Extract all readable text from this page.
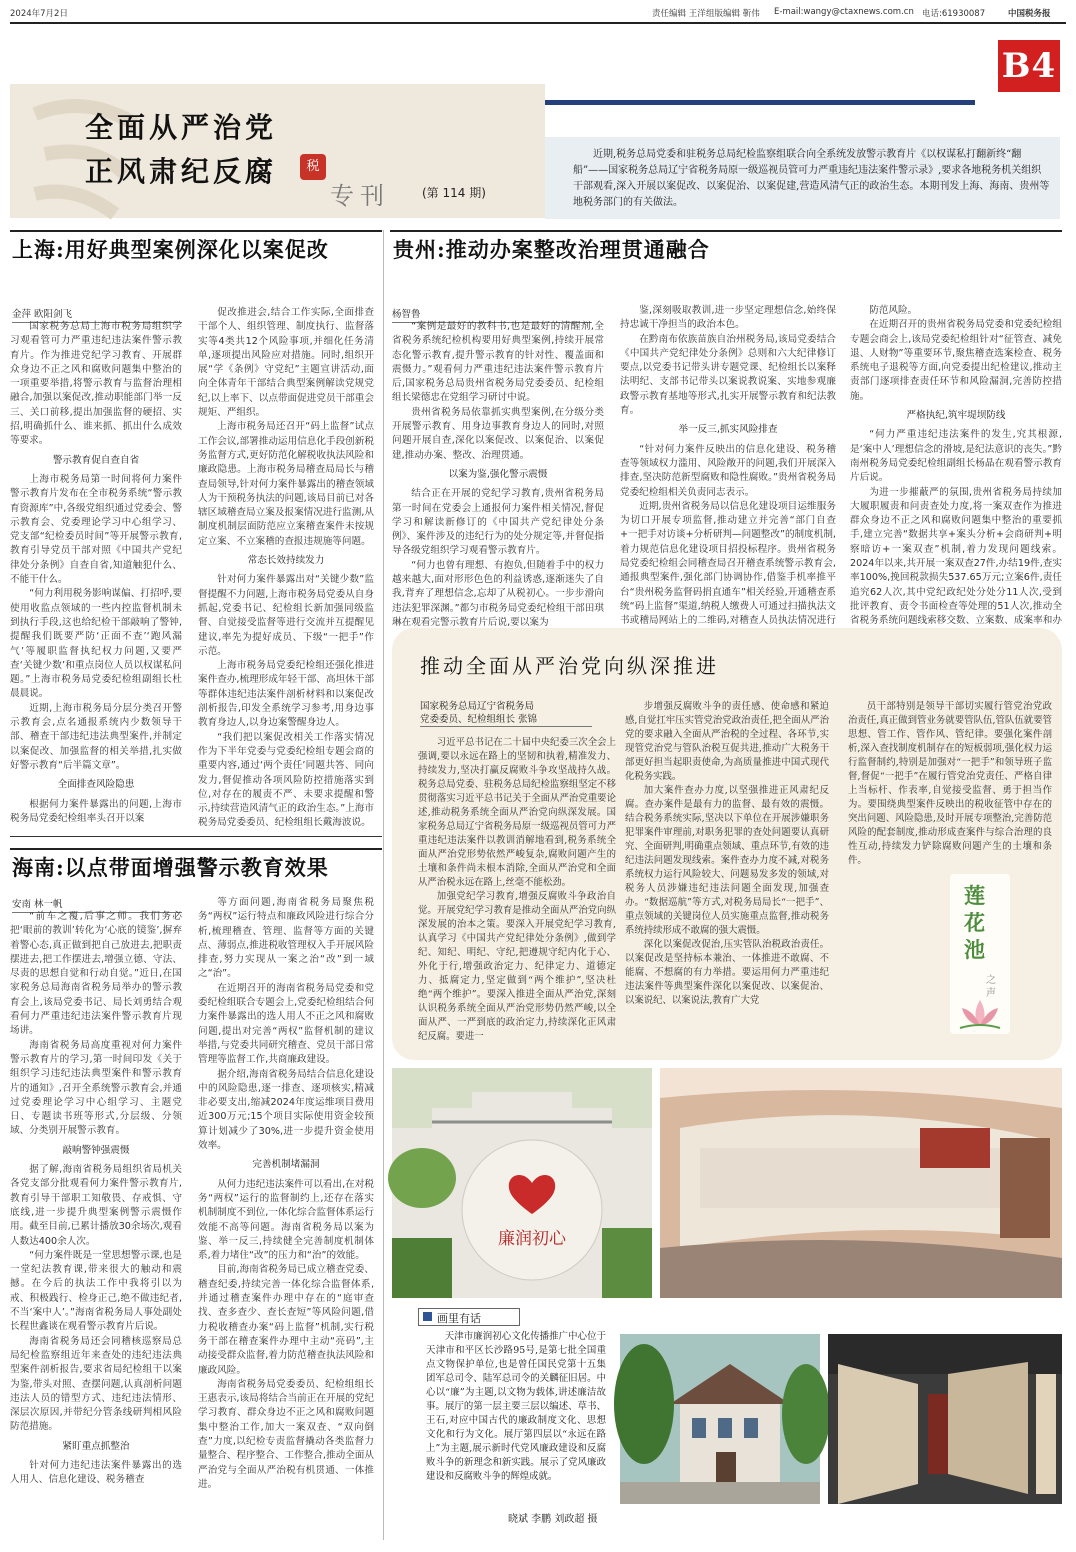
2024年7月2日	责任编辑 王洋 组版编辑 靳伟 E-mail:wangy@ctaxnews.com.cn 电话:61930087	中国税务报
B4
全面从严治党
正风肃纪反腐	税
专刊	(第 114 期)
近期,税务总局党委和驻税务总局纪检监察组联合向全系统发放警示教育片《以权谋私打翻新终“翻船”——国家税务总局辽宁省税务局原一级巡视员管可力严重违纪违法案件警示录》,要求各地税务机关组织干部观看,深入开展以案促改、以案促治、以案促建,营造风清气正的政治生态。本期刊发上海、海南、贵州等地税务部门的有关做法。
上海:用好典型案例深化以案促改
金萍 欧阳剑飞

国家税务总局上海市税务局组织学习观看管可力严重违纪违法案件警示教育片。作为推进党纪学习教育、开展群众身边不正之风和腐败问题集中整治的一项重要举措,将警示教育与监督治理相融合,加强以案促改,推动职能部门举一反三、关口前移,提出加强监督的硬招、实招,明确抓什么、谁来抓、抓出什么成效等要求。

警示教育促自查自省

上海市税务局第一时间将何力案件警示教育片发布在全市税务系统“警示教育资源库”中,各级党组织通过党委会、警示教育会、党委理论学习中心组学习、党支部“纪检委员时间”等开展警示教育,教育引导党员干部对照《中国共产党纪律处分条例》自查自省,知道触犯什么、不能干什么。

“何力利用税务影响谋偏、打招呼,要使用收监点领域的一些内控监督机制未到执行手段,这也给纪检干部敲响了警钟,提醒我们既要严防‘正面不查’‘跑风漏气’等履职监督执纪权力问题,又要严查‘关键少数’和重点岗位人员以权谋私问题。”上海市税务局党委纪检组副组长杜晨晨说。

近期,上海市税务局分层分类召开警示教育会,点名通报系统内少数领导干部、稽查干部违纪违法典型案件,并制定以案促改、加强监督的相关举措,扎实做好警示教育“后半篇文章”。

全面排查风险隐患

根据何力案件暴露出的问题,上海市税务局党委纪检组率头召开以案

促改推进会,结合工作实际,全面排查干部个人、组织管理、制度执行、监督落实等4类共12个风险事项,并细化任务清单,逐项提出风险应对措施。同时,组织开展“学《条例》守党纪”主题宣讲活动,面向全体青年干部结合典型案例解读党规党纪,以上率下、以点带面促进党员干部重会规矩、严组织。

上海市税务局还召开“码上监督”试点工作会议,部署推动运用信息化手段创新税务监督方式,更好防范化解税收执法风险和廉政隐患。上海市税务局稽查局局长与稽查局领导,针对何力案件暴露出的稽查领域人为干预税务执法的问题,该局目前已对各辖区域稽查局立案及报案情况进行监测,从制度机制层面防范应立案稽查案件未按规定立案、不立案稽的查报违规施等问题。

常态长效持续发力

针对何力案件暴露出对“关键少数”监督提醒不力问题,上海市税务局党委从自身抓起,党委书记、纪检组长新加强同级监督、自觉接受监督等进行交流并互提醒见建议,率先为提好成员、下级“一把手”作示范。

上海市税务局党委纪检组还强化推进案件查办,梳理形成年轻干部、高坦休干部等群体违纪违法案件剖析材料和以案促改剖析报告,印发全系统学习参考,用身边事教育身边人,以身边案警醒身边人。

“我们把以案促改相关工作落实情况作为下半年党委与党委纪检组专题会商的重要内容,通过‘两个责任’同题共答、同向发力,督促推动各项风险防控措施落实到位,对存在的履责不严、未要求提醒和警示,持续营造风清气正的政治生态。”上海市税务局党委委员、纪检组组长戴海波说。

海南:以点带面增强警示教育效果
安南 林一帆

“前车之覆,后事之师。我们务必把‘眼前的教训’转化为‘心底的镜鉴’,摒弃着警心态,真正做到把自己放进去,把职责摆进去,把工作摆进去,增强立德、守法、尽责的思想自觉和行动自觉。”近日,在国家税务总局海南省税务局举办的警示教育会上,该局党委书记、局长刘勇结合观看何力严重违纪违法案件警示教育片现场讲。

海南省税务局高度重视对何力案件警示教育片的学习,第一时间印发《关于组织学习违纪违法典型案件和警示教育片的通知》,召开全系统警示教育会,并通过党委理论学习中心组学习、主题党日、专题读书班等形式,分层级、分领域、分类别开展警示教育。

敲响警钟强震慑

据了解,海南省税务局组织省局机关各党支部分批观看何力案件警示教育片,教育引导干部职工知敬畏、存戒惧、守底线,进一步提升典型案例警示震慑作用。截至目前,已累计播放30余场次,观看人数达400余人次。

“何力案件既是一堂思想警示课,也是一堂纪法教育课,带来很大的触动和震撼。在今后的执法工作中我将引以为戒、积极践行、检身正己,绝不做违纪者,不当‘案中人’。”海南省税务局人事处副处长程世鑫谈在观看警示教育片后说。

海南省税务局还会同稽核巡察局总局纪检监察组近年来查处的违纪违法典型案件剖析报告,要求省局纪检组干以案为鉴,带头对照、查摆问题,认真剖析问题违法人员的错型方式、违纪违法情形、深层次原因,并带纪分管条线研判相风险防范措施。

紧盯重点抓整治

针对何力违纪违法案件暴露出的选人用人、信息化建设、税务稽查

等方面问题,海南省税务局聚焦税务“两权”运行特点和廉政风险进行综合分析,梳理稽查、管理、监督等方面的关键点、薄弱点,推进税收管理权入手开展风险排查,努力实现从一案之治“改”到一域之“治”。

在近期召开的海南省税务局党委和党委纪检组联合专题会上,党委纪检组结合何力案件暴露出的选人用人不正之风和腐败问题,提出对完善“两权”监督机制的建议举措,与党委共同研究稽查、党员干部日常管理等监督工作,共商廉政建设。

据介绍,海南省税务局结合信息化建设中的风险隐患,逐一排查、逐项核实,精减非必要支出,缩减2024年度运维项目费用近300万元;15个项目实际使用资金较预算计划减少了30%,进一步提升资金使用效率。

完善机制堵漏洞

从何力违纪违法案件可以看出,在对税务“两权”运行的监督制约上,还存在落实机制制度不到位,一体化综合监督体系运行效能不高等问题。海南省税务局以案为鉴、举一反三,持续健全完善制度机制体系,着力堵住“改”的压力和“治”的效能。

目前,海南省税务局已成立稽查党委、稽查纪委,持续完善一体化综合监督体系,并通过稽查案件办理中存在的“庭审查找、查多查少、查长查短”等风险问题,借力税收稽查办案“码上监督”机制,实行税务干部在稽查案件办理中主动“亮码”,主动接受群众监督,着力防范稽查执法风险和廉政风险。

海南省税务局党委委员、纪检组组长王惠表示,该局将结合当前正在开展的党纪学习教育、群众身边不正之风和腐败问题集中整治工作,加大一案双查、“双向倒查”力度,以纪检专责监督撬动各类监督力量整合、程序整合、工作整合,推动全面从严治党与全面从严治税有机贯通、一体推进。

贵州:推动办案整改治理贯通融合
杨智鲁

“案例是最好的教科书,也是最好的清醒剂,全省税务系统纪检机构要用好典型案例,持续开展常态化警示教育,提升警示教育的针对性、覆盖面和震慑力。”观看何力严重违纪违法案件警示教育片后,国家税务总局贵州省税务局党委委员、纪检组组长梁德忠在党组学习研讨中说。

贵州省税务局依靠抓实典型案例,在分级分类开展警示教育、用身边事教育身边人的同时,对照问题开展自查,深化以案促改、以案促治、以案促建,推动办案、整改、治理贯通。

以案为鉴,强化警示震慑

结合正在开展的党纪学习教育,贵州省税务局第一时间在党委会上通报何力案件相关情况,督促学习和解读新修订的《中国共产党纪律处分条例》、案件涉及的违纪行为的处分规定等,并督促指导各级党组织学习观看警示教育片。

“何力也曾有理想、有抱负,但随着手中的权力越来越大,面对形形色色的利益诱惑,逐渐迷失了自我,背弃了理想信念,忘却了从税初心。一步步滑向违法犯罪深渊。”都匀市税务局党委纪检组干部田琪琳在观看完警示教育片后说,要以案为

鉴,深刻吸取教训,进一步坚定理想信念,始终保持忠诚干净担当的政治本色。

在黔南布依族苗族自治州税务局,该局党委结合《中国共产党纪律处分条例》总则和六大纪律修订要点,以党委书记带头讲专题党课、纪检组长以案释法明纪、支部书记带头以案说教说案、实地参观廉政警示教育基地等形式,扎实开展警示教育和纪法教育。

举一反三,抓实风险排查

“针对何力案件反映出的信息化建设、税务稽查等领域权力滥用、风险敞开的问题,我们开展深入排查,坚决防范新型腐败和隐性腐败。”贵州省税务局党委纪检组相关负责同志表示。

近期,贵州省税务局以信息化建设项目运维服务为切口开展专项监督,推动建立并完善“部门自查+一把手对访谈+分析研判—问题整改”的制度机制,着力规范信息化建设项目招投标程序。贵州省税务局党委纪检组会同稽查局召开稽查系统警示教育会,通报典型案件,强化部门协调协作,借鉴手机率推平台“贵州税务监督码捐直通车”相关经验,开通稽查系统“码上监督”渠道,纳税人缴费人可通过扫描执法文书或稽局网站上的二维码,对稽查人员执法情况进行

防范风险。

在近期召开的贵州省税务局党委和党委纪检组专题会商会上,该局党委纪检组针对“征管查、减免退、人财物”等重要环节,聚焦稽查选案检查、税务系统电子退税等方面,向党委提出纪检建议,推动主责部门逐项排查责任环节和风险漏洞,完善防控措施。

严格执纪,筑牢堤坝防线

“何力严重违纪违法案件的发生,究其根源,是‘案中人’理想信念的滑坡,是纪法意识的丧失。”黔南州税务局党委纪检组副组长杨晶在观看警示教育片后说。

为进一步摧蔽严的氛围,贵州省税务局持续加大履职履责和问责查处力度,将一案双查作为推进群众身边不正之风和腐败问题集中整治的重要抓手,建立完善“数据共享+案头分析+会商研判+明察暗访+一案双查”机制,着力发现问题线索。2024年以来,共开展一案双查27件,办结19件,查实率100%,挽回税款损失537.65万元;立案6件,责任追究62人次,其中党纪政纪处分处分11人次,受到批评教育、责令书面检查等处理的51人次,推动全省税务系统问题线索移交数、立案数、成案率和办

推动全面从严治党向纵深推进
国家税务总局辽宁省税务局
党委委员、纪检组组长 张锦

习近平总书记在二十届中央纪委三次全会上强调,要以永远在路上的坚韧和执着,精准发力、持续发力,坚决打赢反腐败斗争攻坚战持久战。税务总局党委、驻税务总局纪检监察组坚定不移贯彻落实习近平总书记关于全面从严治党重要论述,推动税务系统全面从严治党向纵深发展。国家税务总局辽宁省税务局原一级巡视员管可力严重违纪违法案件以教训消解地看到,税务系统全面从严治党形势依然严峻复杂,腐败问题产生的土壤和条件尚未根本消除,全面从严治党和全面从严治税永远在路上,丝毫不能松劲。

加强党纪学习教育,增强反腐败斗争政治自觉。开展党纪学习教育是推动全面从严治党向纵深发展的治本之策。要深入开展党纪学习教育,认真学习《中国共产党纪律处分条例》,做到学纪、知纪、明纪、守纪,把遵规守纪内化于心、外化于行,增强政治定力、纪律定力、道德定力、抵腐定力,坚定做到“两个维护”,坚决杜绝“两个维护”。要深入推进全面从严治党,深刻认识税务系统全面从严治党形势仍然严峻,以全面从严、一严到底的政治定力,持续深化正风肃纪反腐。要进一

步增强反腐败斗争的责任感、使命感和紧迫感,自觉扛牢压实管党治党政治责任,把全面从严治党的要求融入全面从严治税的全过程、各环节,实现管党治党与管队治税互促共进,推动广大税务干部更好担当起职责使命,为高质量推进中国式现代化税务实践。

加大案件查办力度,以坚强推进正风肃纪反腐。查办案件是最有力的监督、最有效的震慑。结合税务系统实际,坚决以下单位在开展涉嫌职务犯罪案件审理前,对职务犯罪的查处问题要认真研究、全面研判,明确重点领域、重点环节,有效的违纪违法问题发现线索。案件查办力度不减,对税务系统权力运行风险较大、问题易发多发的领域,对税务人员涉嫌违纪违法问题全面发现,加强查办。“数据巡航”等方式,对税务局局长“一把手”、重点领域的关键岗位人员实施重点监督,推动税务系统持续形成不敢腐的强大震慑。

深化以案促改促治,压实管队治税政治责任。以案促改是坚持标本兼治、一体推进不敢腐、不能腐、不想腐的有力举措。要运用何力严重违纪违法案件等典型案件深化以案促改、以案促治、以案说纪、以案说法,教育广大党

员干部特别是领导干部切实履行管党治党政治责任,真正做到管业务就要管队伍,管队伍就要管思想、管工作、管作风、管纪律。要强化案件剖析,深入查找制度机制存在的短板弱项,强化权力运行监督制约,特别是加强对“一把手”和领导班子监督,督促“一把手”在履行管党治党责任、严格自律上当标杆、作表率,自觉接受监督、勇于担当作为。要围绕典型案件反映出的税收征管中存在的突出问题、风险隐患,及时开展专项整治,完善防范风险的配套制度,推动形成查案件与综合治理的良性互动,持续发力铲除腐败问题产生的土壤和条件。

莲花池
之声
廉润初心
画里有话

天津市廉润初心文化传播推广中心位于天津市和平区长沙路95号,是第七批全国重点文物保护单位,也是曾任国民党第十五集团军总司令、陆军总司令的关麟征旧居。中心以“廉”为主题,以文物为载体,讲述廉洁故事。展厅的第一层主要三层以编述、草书、王石,对应中国古代的廉政制度文化、思想文化和行为文化。展厅第四层以“永远在路上”为主题,展示新时代党风廉政建设和反腐败斗争的新理念和新实践。展示了党风廉政建设和反腐败斗争的辉煌成就。

晓斌 李鹏 刘政超 摄
